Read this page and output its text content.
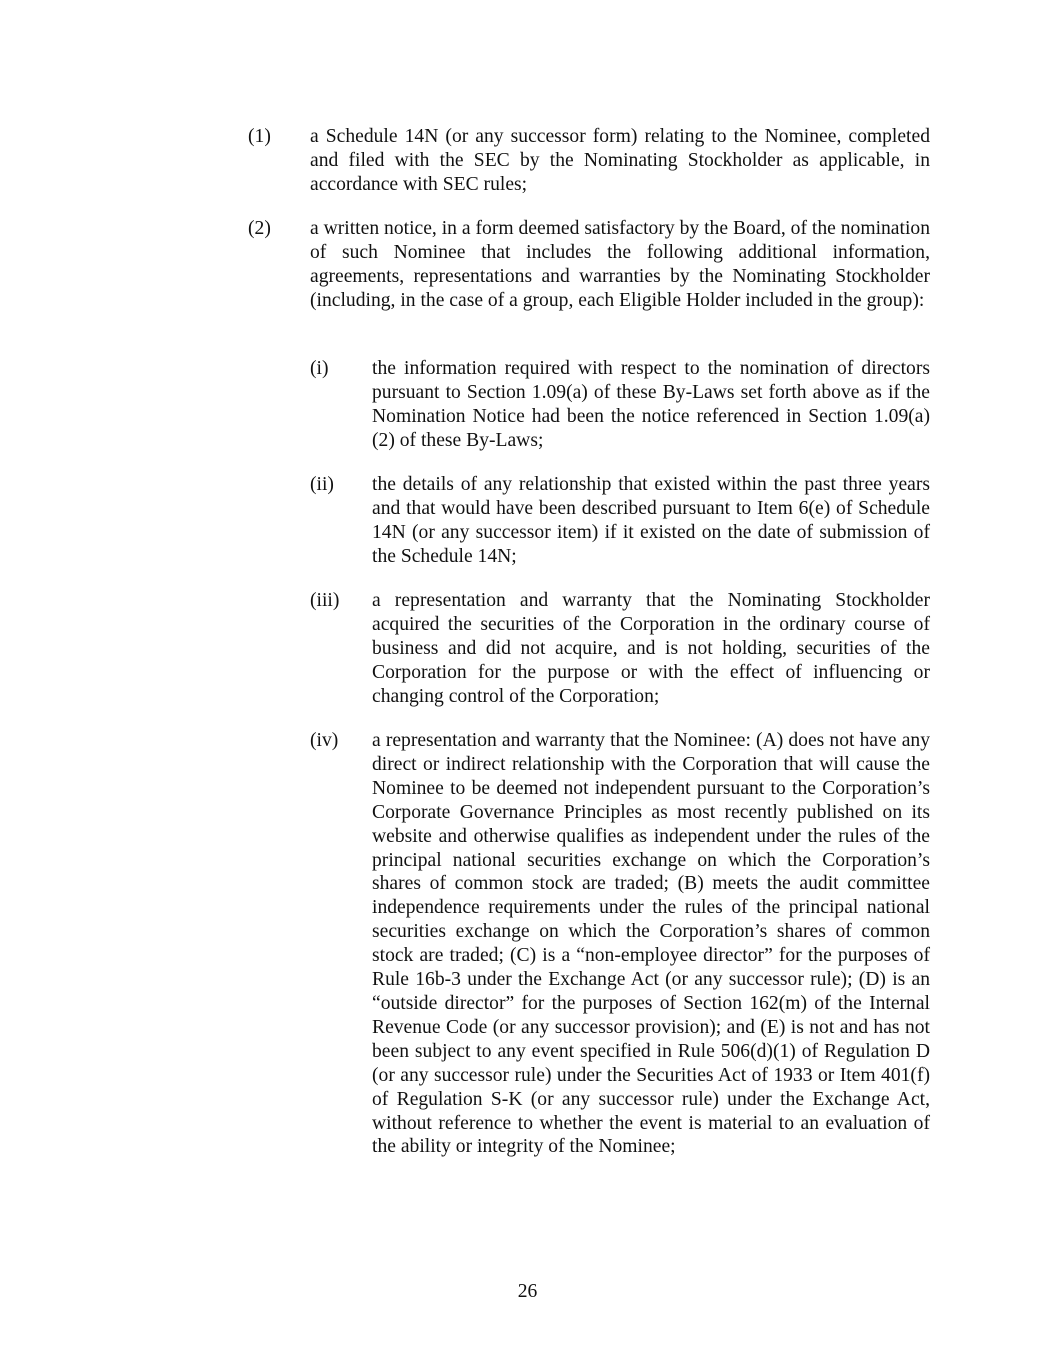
(1) a Schedule 14N (or any successor form) relating to the Nominee, completed and filed with the SEC by the Nominating Stockholder as applicable, in accordance with SEC rules;
(2) a written notice, in a form deemed satisfactory by the Board, of the nomination of such Nominee that includes the following additional information, agreements, representations and warranties by the Nominating Stockholder (including, in the case of a group, each Eligible Holder included in the group):
(i) the information required with respect to the nomination of directors pursuant to Section 1.09(a) of these By-Laws set forth above as if the Nomination Notice had been the notice referenced in Section 1.09(a)(2) of these By-Laws;
(ii) the details of any relationship that existed within the past three years and that would have been described pursuant to Item 6(e) of Schedule 14N (or any successor item) if it existed on the date of submission of the Schedule 14N;
(iii) a representation and warranty that the Nominating Stockholder acquired the securities of the Corporation in the ordinary course of business and did not acquire, and is not holding, securities of the Corporation for the purpose or with the effect of influencing or changing control of the Corporation;
(iv) a representation and warranty that the Nominee: (A) does not have any direct or indirect relationship with the Corporation that will cause the Nominee to be deemed not independent pursuant to the Corporation’s Corporate Governance Principles as most recently published on its website and otherwise qualifies as independent under the rules of the principal national securities exchange on which the Corporation’s shares of common stock are traded; (B) meets the audit committee independence requirements under the rules of the principal national securities exchange on which the Corporation’s shares of common stock are traded; (C) is a “non-employee director” for the purposes of Rule 16b-3 under the Exchange Act (or any successor rule); (D) is an “outside director” for the purposes of Section 162(m) of the Internal Revenue Code (or any successor provision); and (E) is not and has not been subject to any event specified in Rule 506(d)(1) of Regulation D (or any successor rule) under the Securities Act of 1933 or Item 401(f) of Regulation S-K (or any successor rule) under the Exchange Act, without reference to whether the event is material to an evaluation of the ability or integrity of the Nominee;
26
